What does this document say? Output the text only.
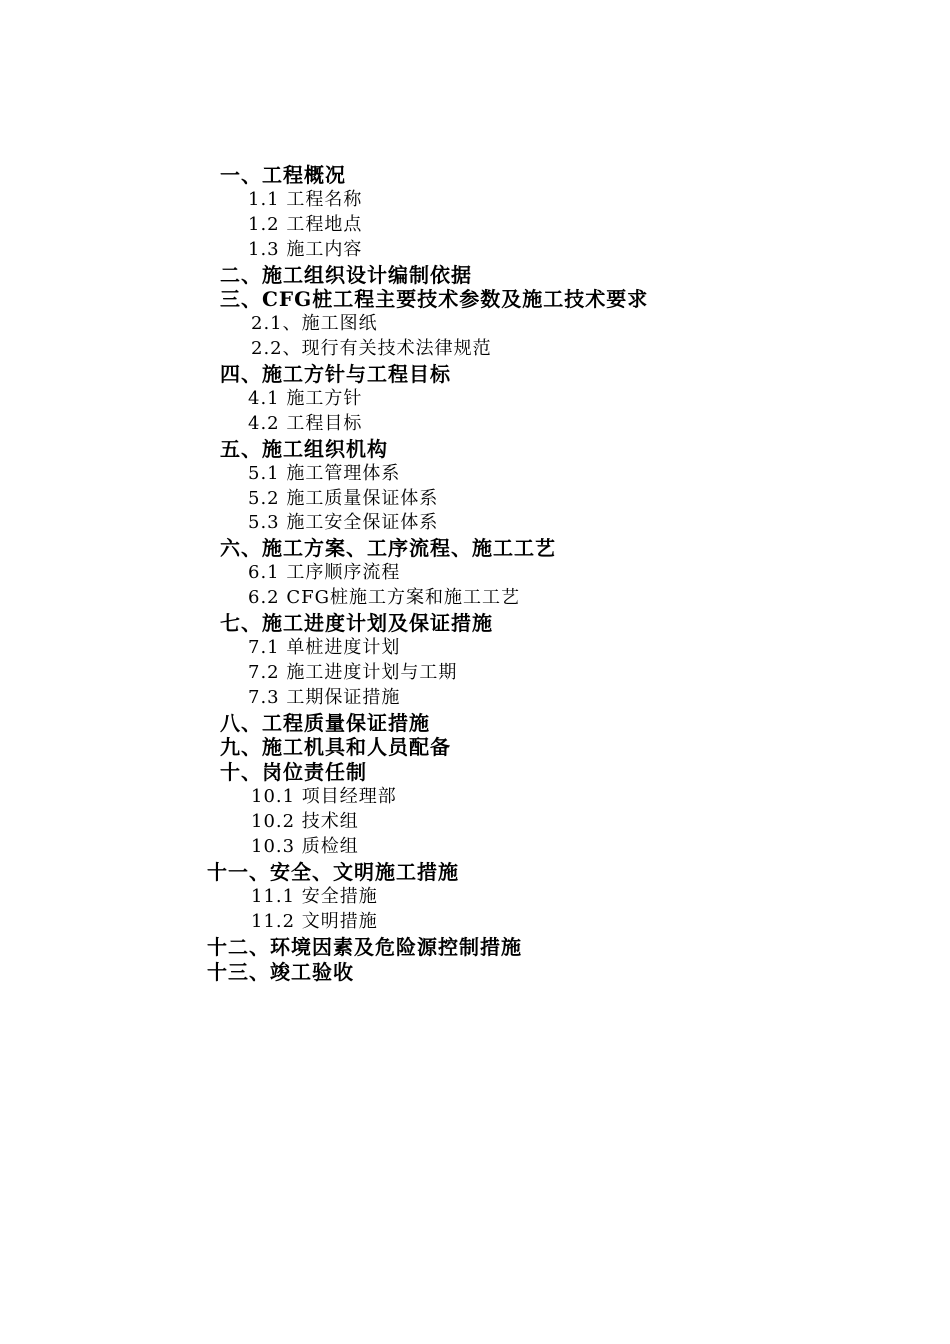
一、工程概况
1.1 工程名称
1.2 工程地点
1.3 施工内容
二、施工组织设计编制依据
三、CFG桩工程主要技术参数及施工技术要求
2.1、施工图纸
2.2、现行有关技术法律规范
四、施工方针与工程目标
4.1 施工方针
4.2 工程目标
五、施工组织机构
5.1 施工管理体系
5.2 施工质量保证体系
5.3 施工安全保证体系
六、施工方案、工序流程、施工工艺
6.1 工序顺序流程
6.2 CFG桩施工方案和施工工艺
七、施工进度计划及保证措施
7.1 单桩进度计划
7.2 施工进度计划与工期
7.3 工期保证措施
八、工程质量保证措施
九、施工机具和人员配备
十、岗位责任制
10.1 项目经理部
10.2 技术组
10.3 质检组
十一、安全、文明施工措施
11.1 安全措施
11.2 文明措施
十二、环境因素及危险源控制措施
十三、竣工验收
